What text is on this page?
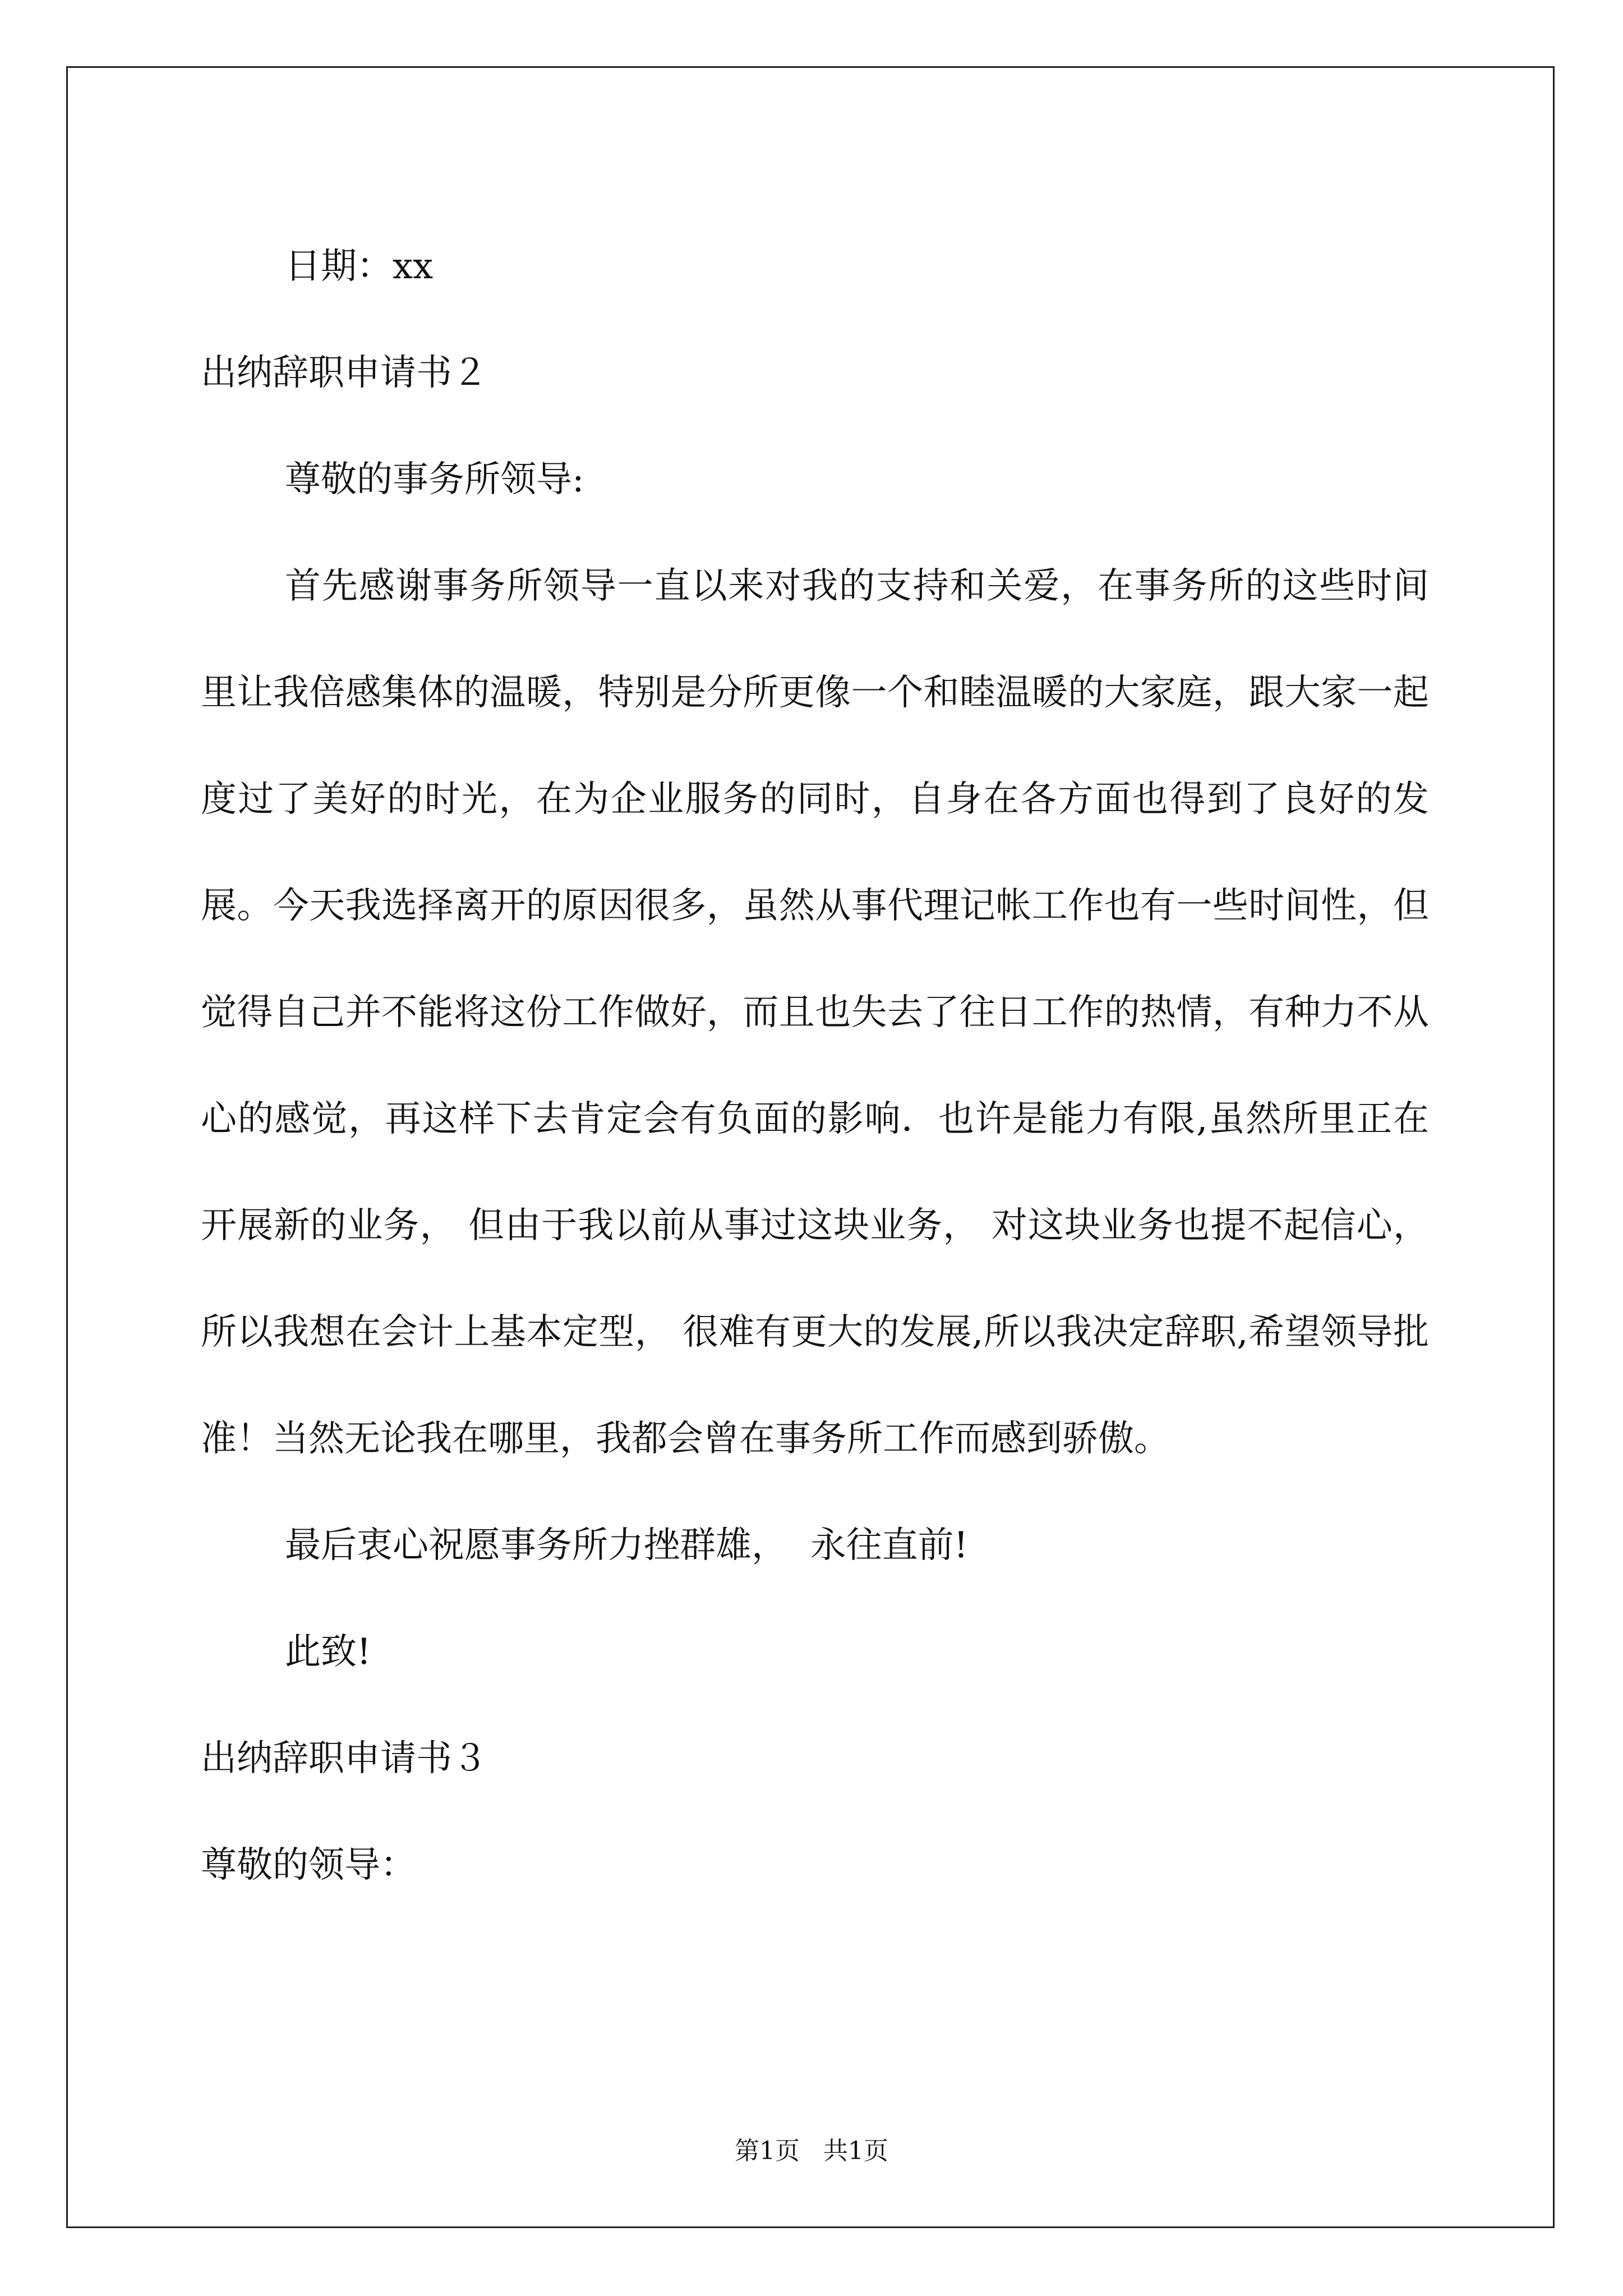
日期：xx
出纳辞职申请书２
尊敬的事务所领导:
首先感谢事务所领导一直以来对我的支持和关爱，在事务所的这些时间里让我倍感集体的温暖，特别是分所更像一个和睦温暖的大家庭，跟大家一起度过了美好的时光，在为企业服务的同时，自身在各方面也得到了良好的发展。今天我选择离开的原因很多，虽然从事代理记帐工作也有一些时间性，但觉得自己并不能将这份工作做好，而且也失去了往日工作的热情，有种力不从心的感觉，再这样下去肯定会有负面的影响．也许是能力有限,虽然所里正在开展新的业务， 但由于我以前从事过这块业务， 对这块业务也提不起信心， 所以我想在会计上基本定型， 很难有更大的发展,所以我决定辞职,希望领导批准！当然无论我在哪里，我都会曾在事务所工作而感到骄傲。
最后衷心祝愿事务所力挫群雄，  永往直前!
此致!
出纳辞职申请书３
尊敬的领导：
第1页 共1页
